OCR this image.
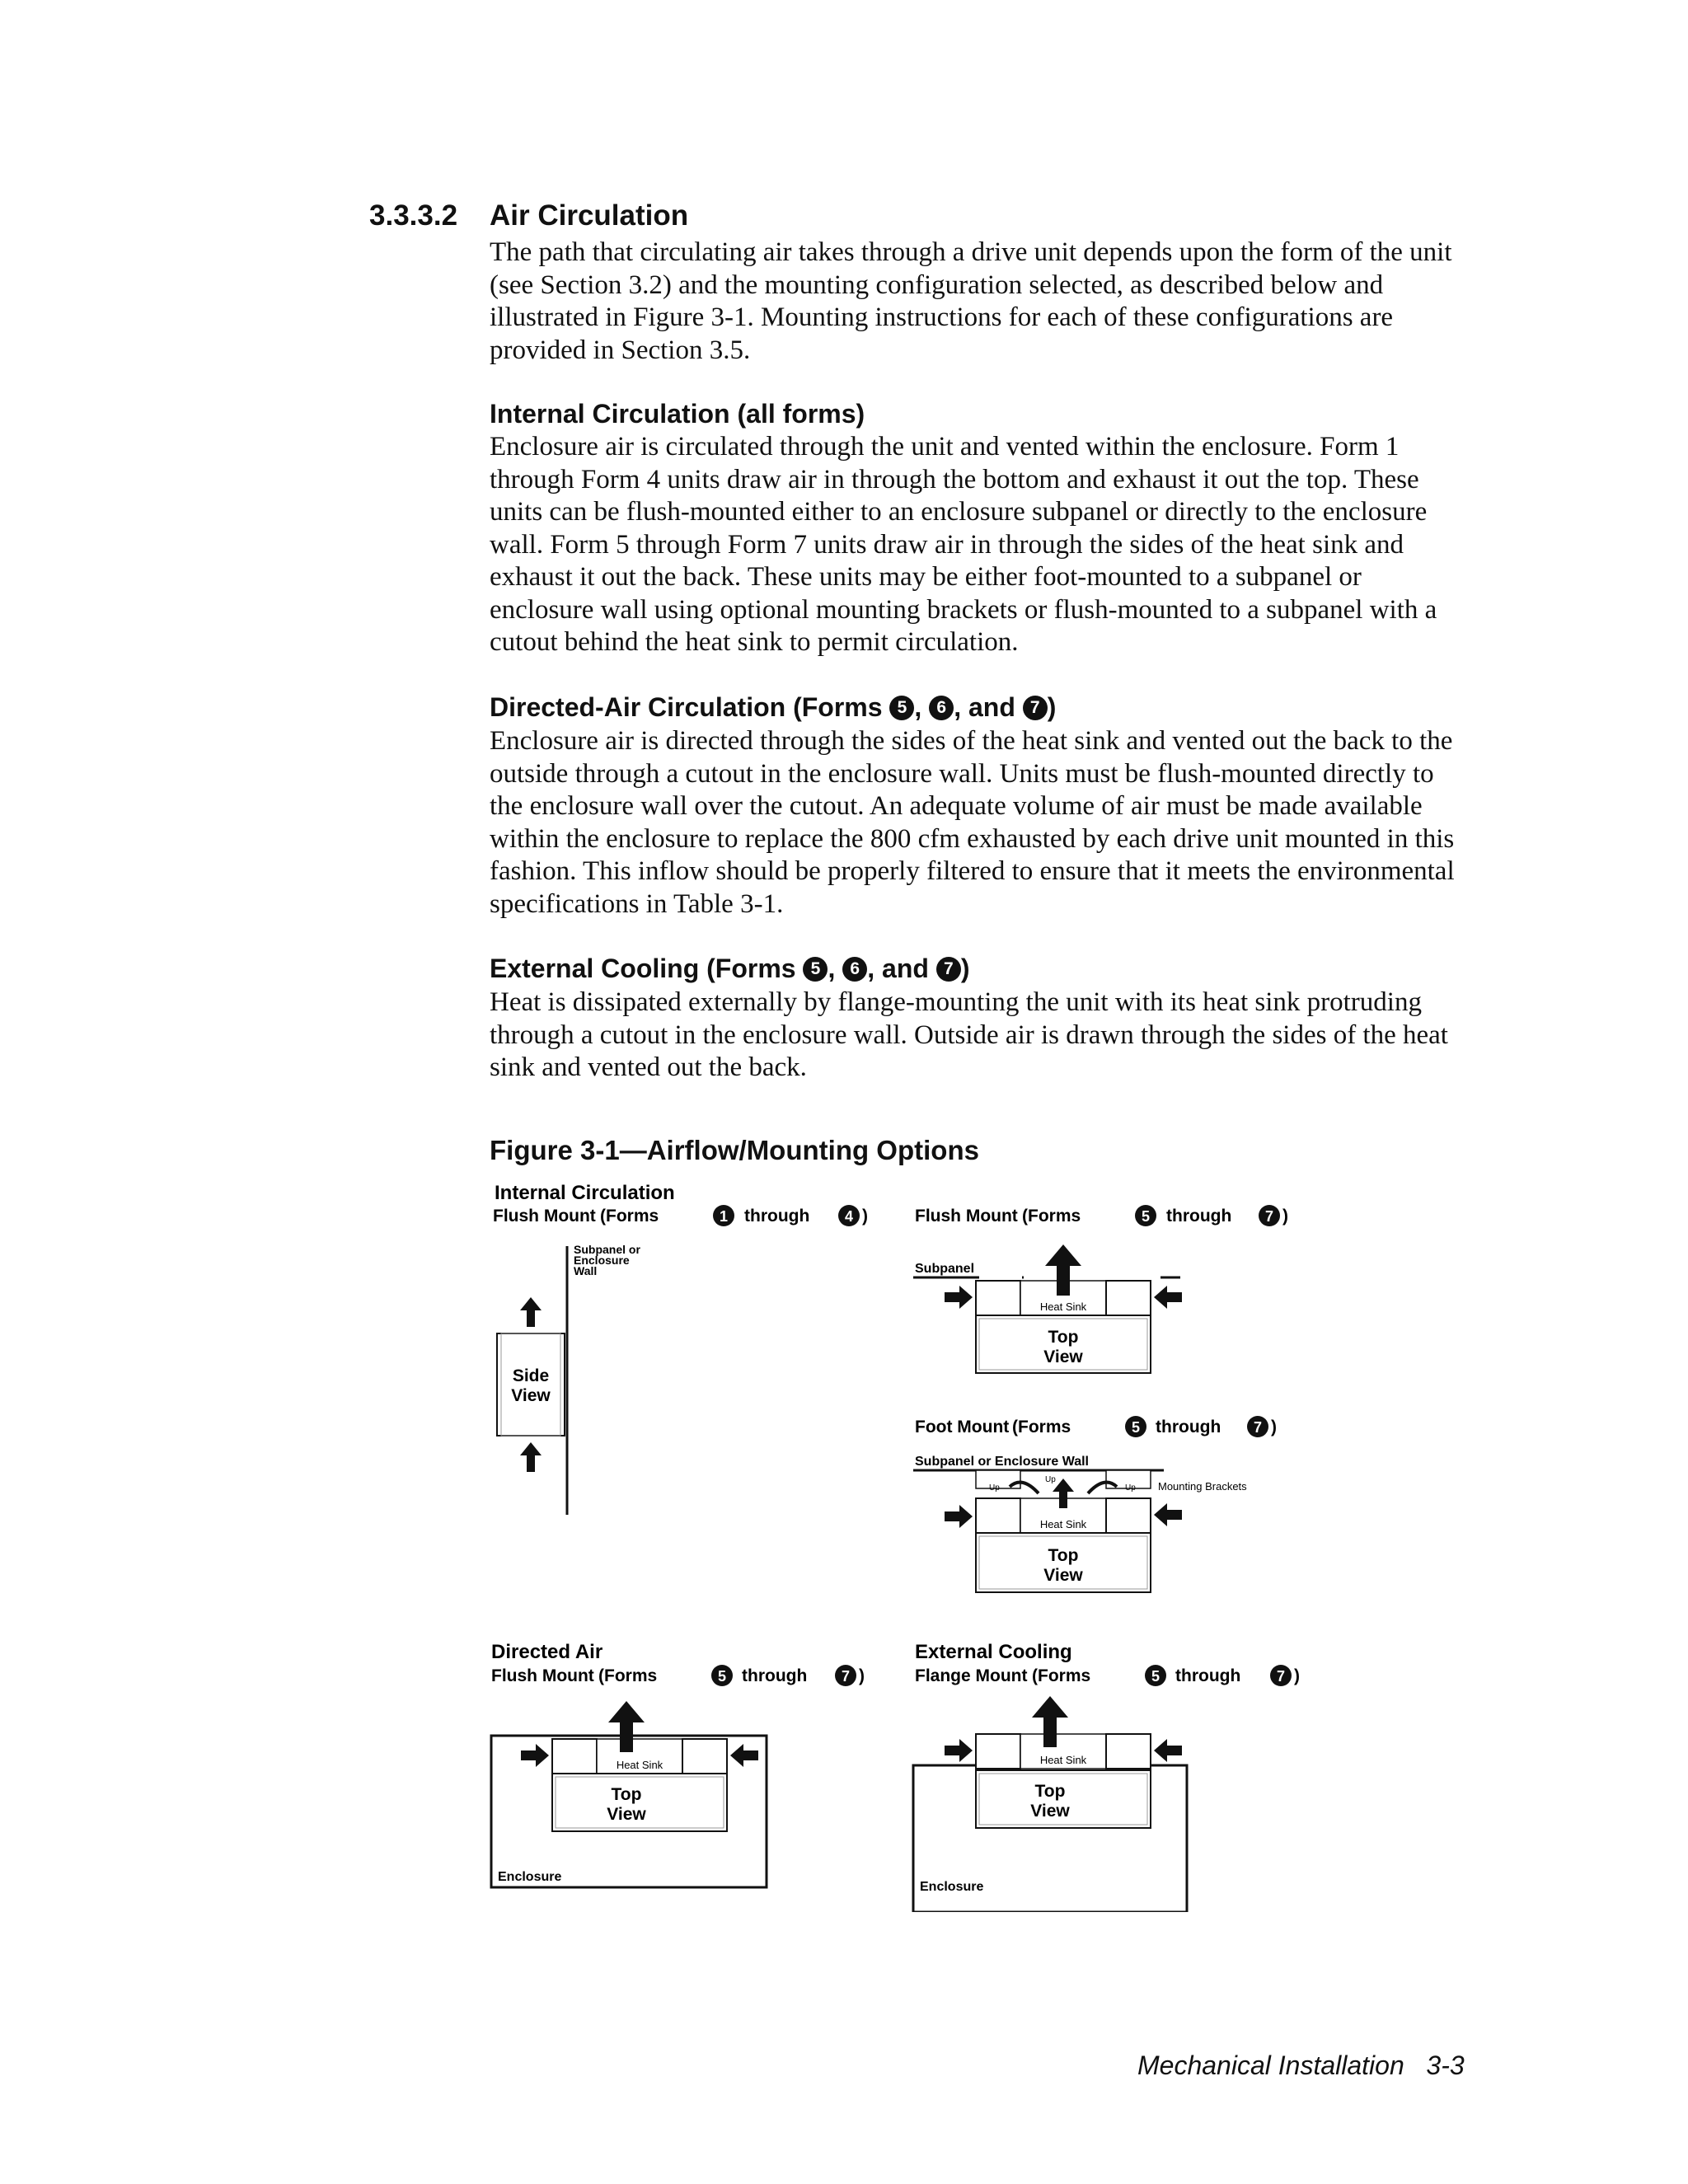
3.3.3.2 Air Circulation

The path that circulating air takes through a drive unit depends upon the form of the unit (see Section 3.2) and the mounting configuration selected, as described below and illustrated in Figure 3-1. Mounting instructions for each of these configurations are provided in Section 3.5.

Internal Circulation (all forms)

Enclosure air is circulated through the unit and vented within the enclosure. Form 1 through Form 4 units draw air in through the bottom and exhaust it out the top. These units can be flush-mounted either to an enclosure subpanel or directly to the enclosure wall. Form 5 through Form 7 units draw air in through the sides of the heat sink and exhaust it out the back. These units may be either foot-mounted to a subpanel or enclosure wall using optional mounting brackets or flush-mounted to a subpanel with a cutout behind the heat sink to permit circulation.

Directed-Air Circulation (Forms 5 , 6 , and 7 )

Enclosure air is directed through the sides of the heat sink and vented out the back to the outside through a cutout in the enclosure wall. Units must be flush-mounted directly to the enclosure wall over the cutout. An adequate volume of air must be made available within the enclosure to replace the 800 cfm exhausted by each drive unit mounted in this fashion. This inflow should be properly filtered to ensure that it meets the environmental specifications in Table 3-1.

External Cooling (Forms 5 , 6 , and 7 )

Heat is dissipated externally by flange-mounting the unit with its heat sink protruding through a cutout in the enclosure wall. Outside air is drawn through the sides of the heat sink and vented out the back.

Figure 3-1—Airflow/Mounting Options
Internal Circulation
Flush Mount (Forms	1 through 4 )
Subpanel or
Enclosure
Wall
Side
View
Flush Mount (Forms	5 through 7 )
Subpanel
Heat Sink
Top
View
Foot Mount (Forms	5 through 7 )
Subpanel or Enclosure Wall
Mounting Brackets
Up
Up
Up
Heat Sink
Top
View
Directed Air
Flush Mount (Forms	5 through 7 )
Enclosure
Heat Sink
Top
View
External Cooling
Flange Mount (Forms	5 through 7 )
Enclosure
Heat Sink
Top
View
Mechanical Installation 3-3
